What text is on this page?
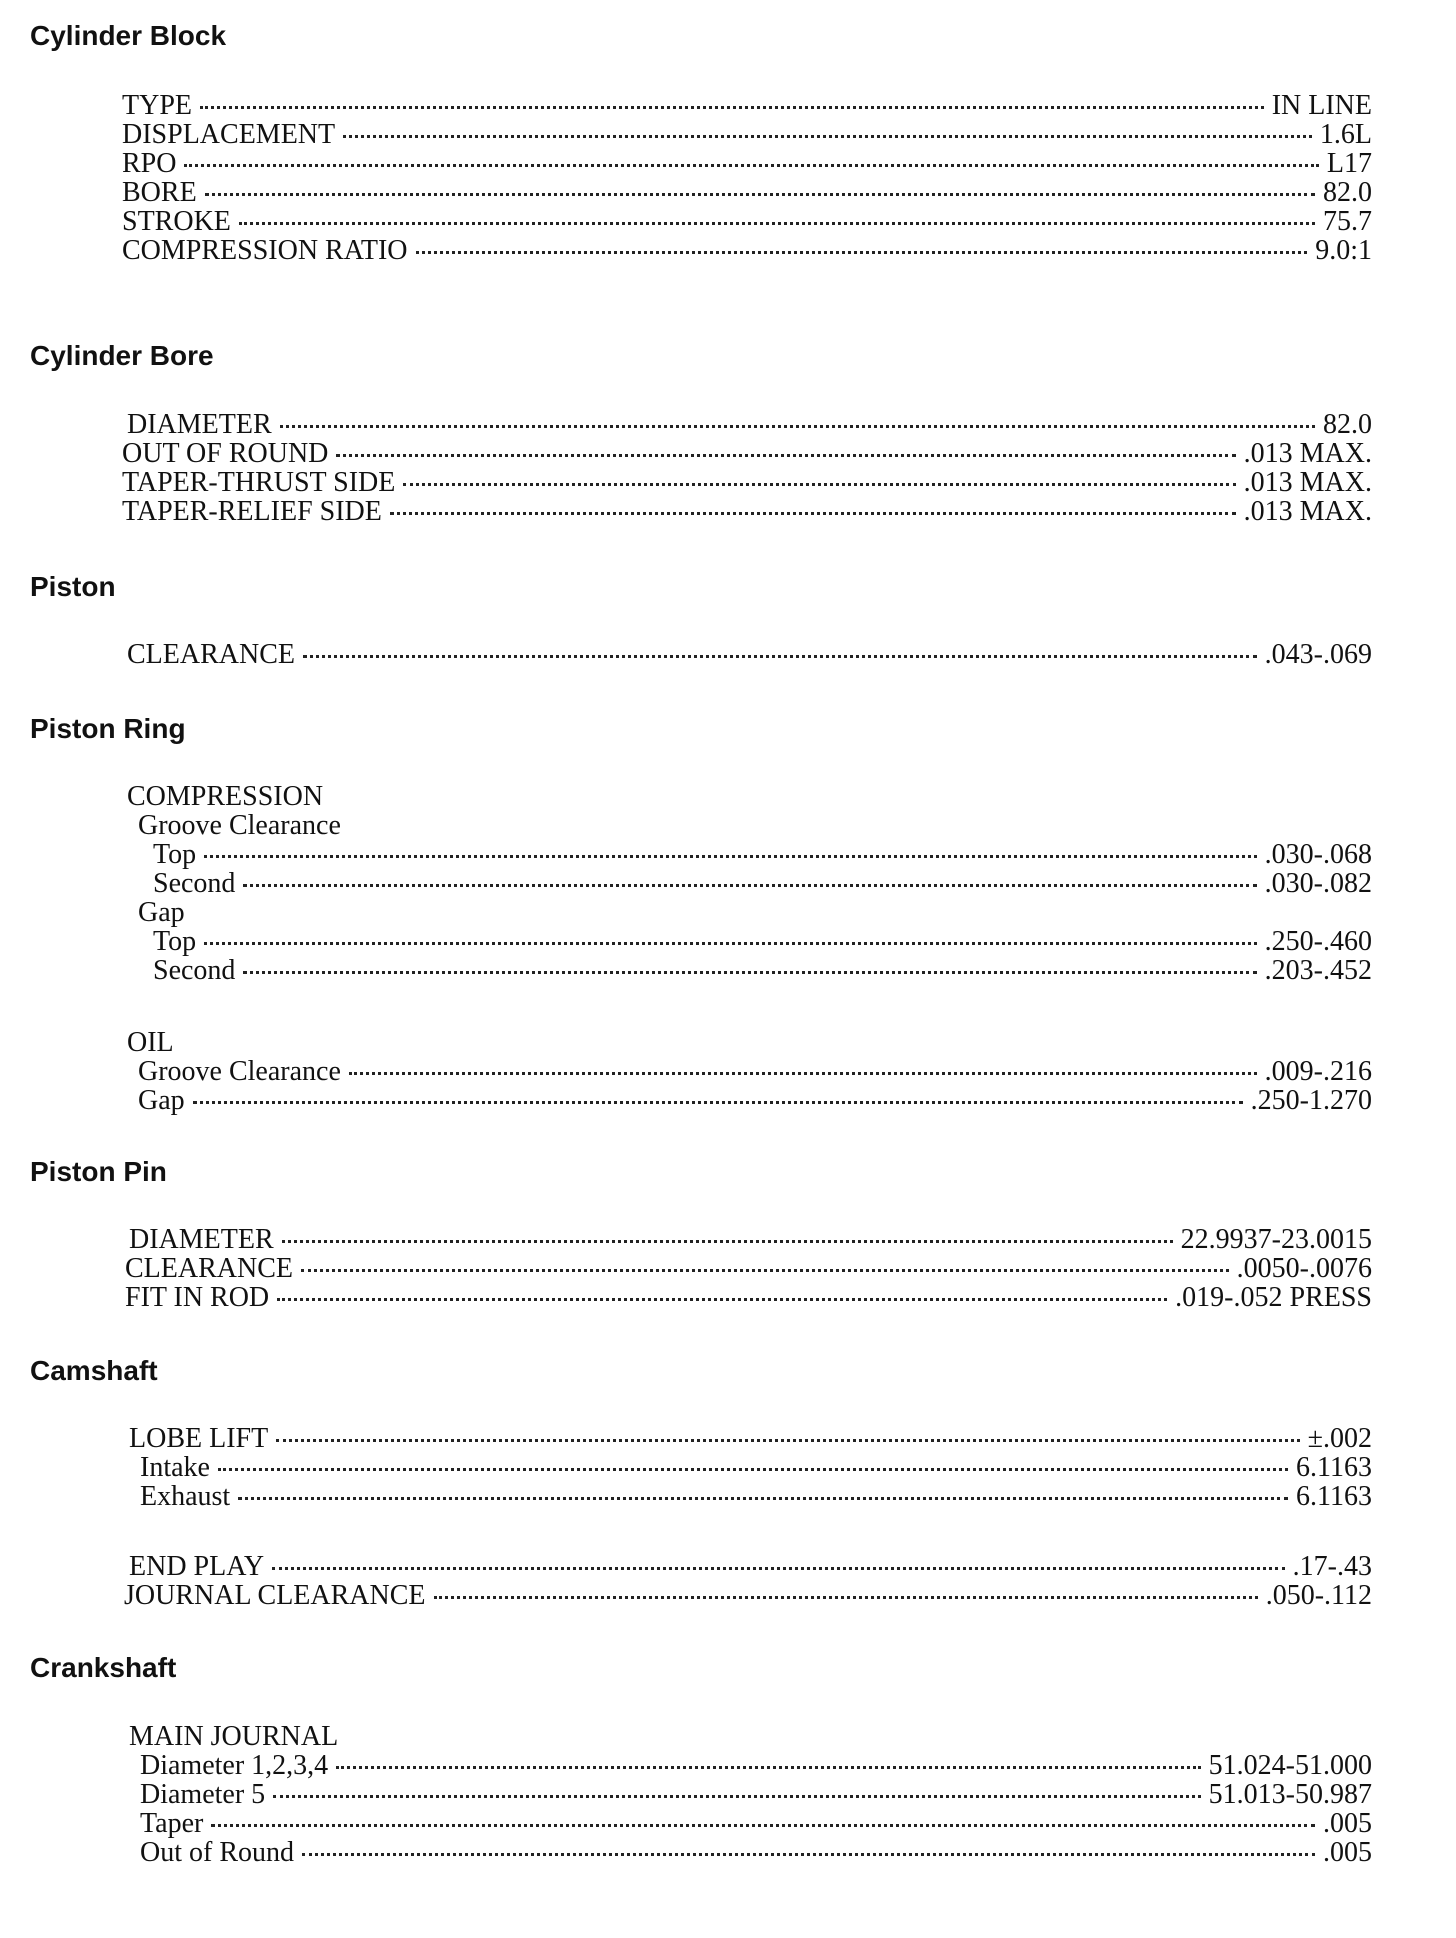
Cylinder Block
TYPE	IN LINE
DISPLACEMENT	1.6L
RPO	L17
BORE	82.0
STROKE	75.7
COMPRESSION RATIO	9.0:1
Cylinder Bore
DIAMETER	82.0
OUT OF ROUND	.013 MAX.
TAPER-THRUST SIDE	.013 MAX.
TAPER-RELIEF SIDE	.013 MAX.
Piston
CLEARANCE	.043-.069
Piston Ring
COMPRESSION
Groove Clearance
Top	.030-.068
Second	.030-.082
Gap
Top	.250-.460
Second	.203-.452
OIL
Groove Clearance	.009-.216
Gap	.250-1.270
Piston Pin
DIAMETER	22.9937-23.0015
CLEARANCE	.0050-.0076
FIT IN ROD	.019-.052 PRESS
Camshaft
LOBE LIFT	±.002
Intake	6.1163
Exhaust	6.1163
END PLAY	.17-.43
JOURNAL CLEARANCE	.050-.112
Crankshaft
MAIN JOURNAL
Diameter 1,2,3,4	51.024-51.000
Diameter 5	51.013-50.987
Taper	.005
Out of Round	.005
